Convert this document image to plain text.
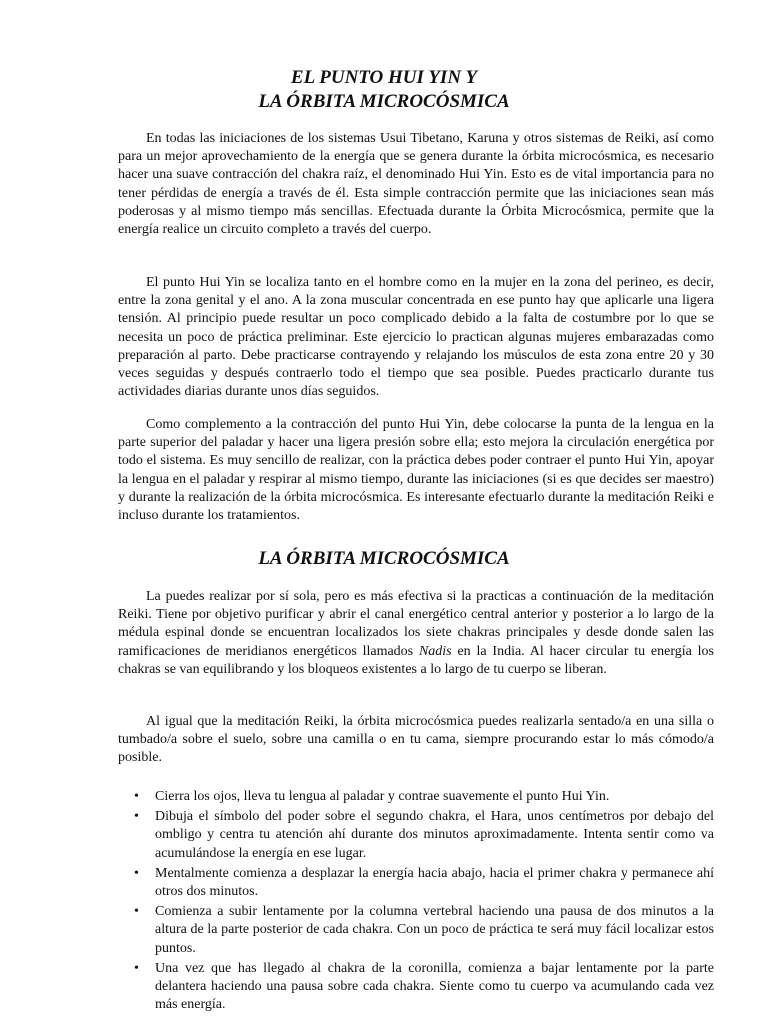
EL PUNTO HUI YIN Y
LA ÓRBITA MICROCÓSMICA

En todas las iniciaciones de los sistemas Usui Tibetano, Karuna y otros sistemas de Reiki, así como para un mejor aprovechamiento de la energía que se genera durante la órbita microcósmica, es necesario hacer una suave contracción del chakra raíz, el denominado Hui Yin. Esto es de vital importancia para no tener pérdidas de energía a través de él. Esta simple contracción permite que las iniciaciones sean más poderosas y al mismo tiempo más sencillas. Efectuada durante la Órbita Microcósmica, permite que la energía realice un circuito completo a través del cuerpo.

El punto Hui Yin se localiza tanto en el hombre como en la mujer en la zona del perineo, es decir, entre la zona genital y el ano. A la zona muscular concentrada en ese punto hay que aplicarle una ligera tensión. Al principio puede resultar un poco complicado debido a la falta de costumbre por lo que se necesita un poco de práctica preliminar. Este ejercicio lo practican algunas mujeres embarazadas como preparación al parto. Debe practicarse contrayendo y relajando los músculos de esta zona entre 20 y 30 veces seguidas y después contraerlo todo el tiempo que sea posible. Puedes practicarlo durante tus actividades diarias durante unos días seguidos.

Como complemento a la contracción del punto Hui Yin, debe colocarse la punta de la lengua en la parte superior del paladar y hacer una ligera presión sobre ella; esto mejora la circulación energética por todo el sistema. Es muy sencillo de realizar, con la práctica debes poder contraer el punto Hui Yin, apoyar la lengua en el paladar y respirar al mismo tiempo, durante las iniciaciones (si es que decides ser maestro) y durante la realización de la órbita microcósmica. Es interesante efectuarlo durante la meditación Reiki e incluso durante los tratamientos.

LA ÓRBITA MICROCÓSMICA

La puedes realizar por sí sola, pero es más efectiva si la practicas a continuación de la meditación Reiki. Tiene por objetivo purificar y abrir el canal energético central anterior y posterior a lo largo de la médula espinal donde se encuentran localizados los siete chakras principales y desde donde salen las ramificaciones de meridianos energéticos llamados Nadis en la India. Al hacer circular tu energía los chakras se van equilibrando y los bloqueos existentes a lo largo de tu cuerpo se liberan.

Al igual que la meditación Reiki, la órbita microcósmica puedes realizarla sentado/a en una silla o tumbado/a sobre el suelo, sobre una camilla o en tu cama, siempre procurando estar lo más cómodo/a posible.

• Cierra los ojos, lleva tu lengua al paladar y contrae suavemente el punto Hui Yin.
• Dibuja el símbolo del poder sobre el segundo chakra, el Hara, unos centímetros por debajo del ombligo y centra tu atención ahí durante dos minutos aproximadamente. Intenta sentir como va acumulándose la energía en ese lugar.
• Mentalmente comienza a desplazar la energía hacia abajo, hacia el primer chakra y permanece ahí otros dos minutos.
• Comienza a subir lentamente por la columna vertebral haciendo una pausa de dos minutos a la altura de la parte posterior de cada chakra. Con un poco de práctica te será muy fácil localizar estos puntos.
• Una vez que has llegado al chakra de la coronilla, comienza a bajar lentamente por la parte delantera haciendo una pausa sobre cada chakra. Siente como tu cuerpo va acumulando cada vez más energía.
